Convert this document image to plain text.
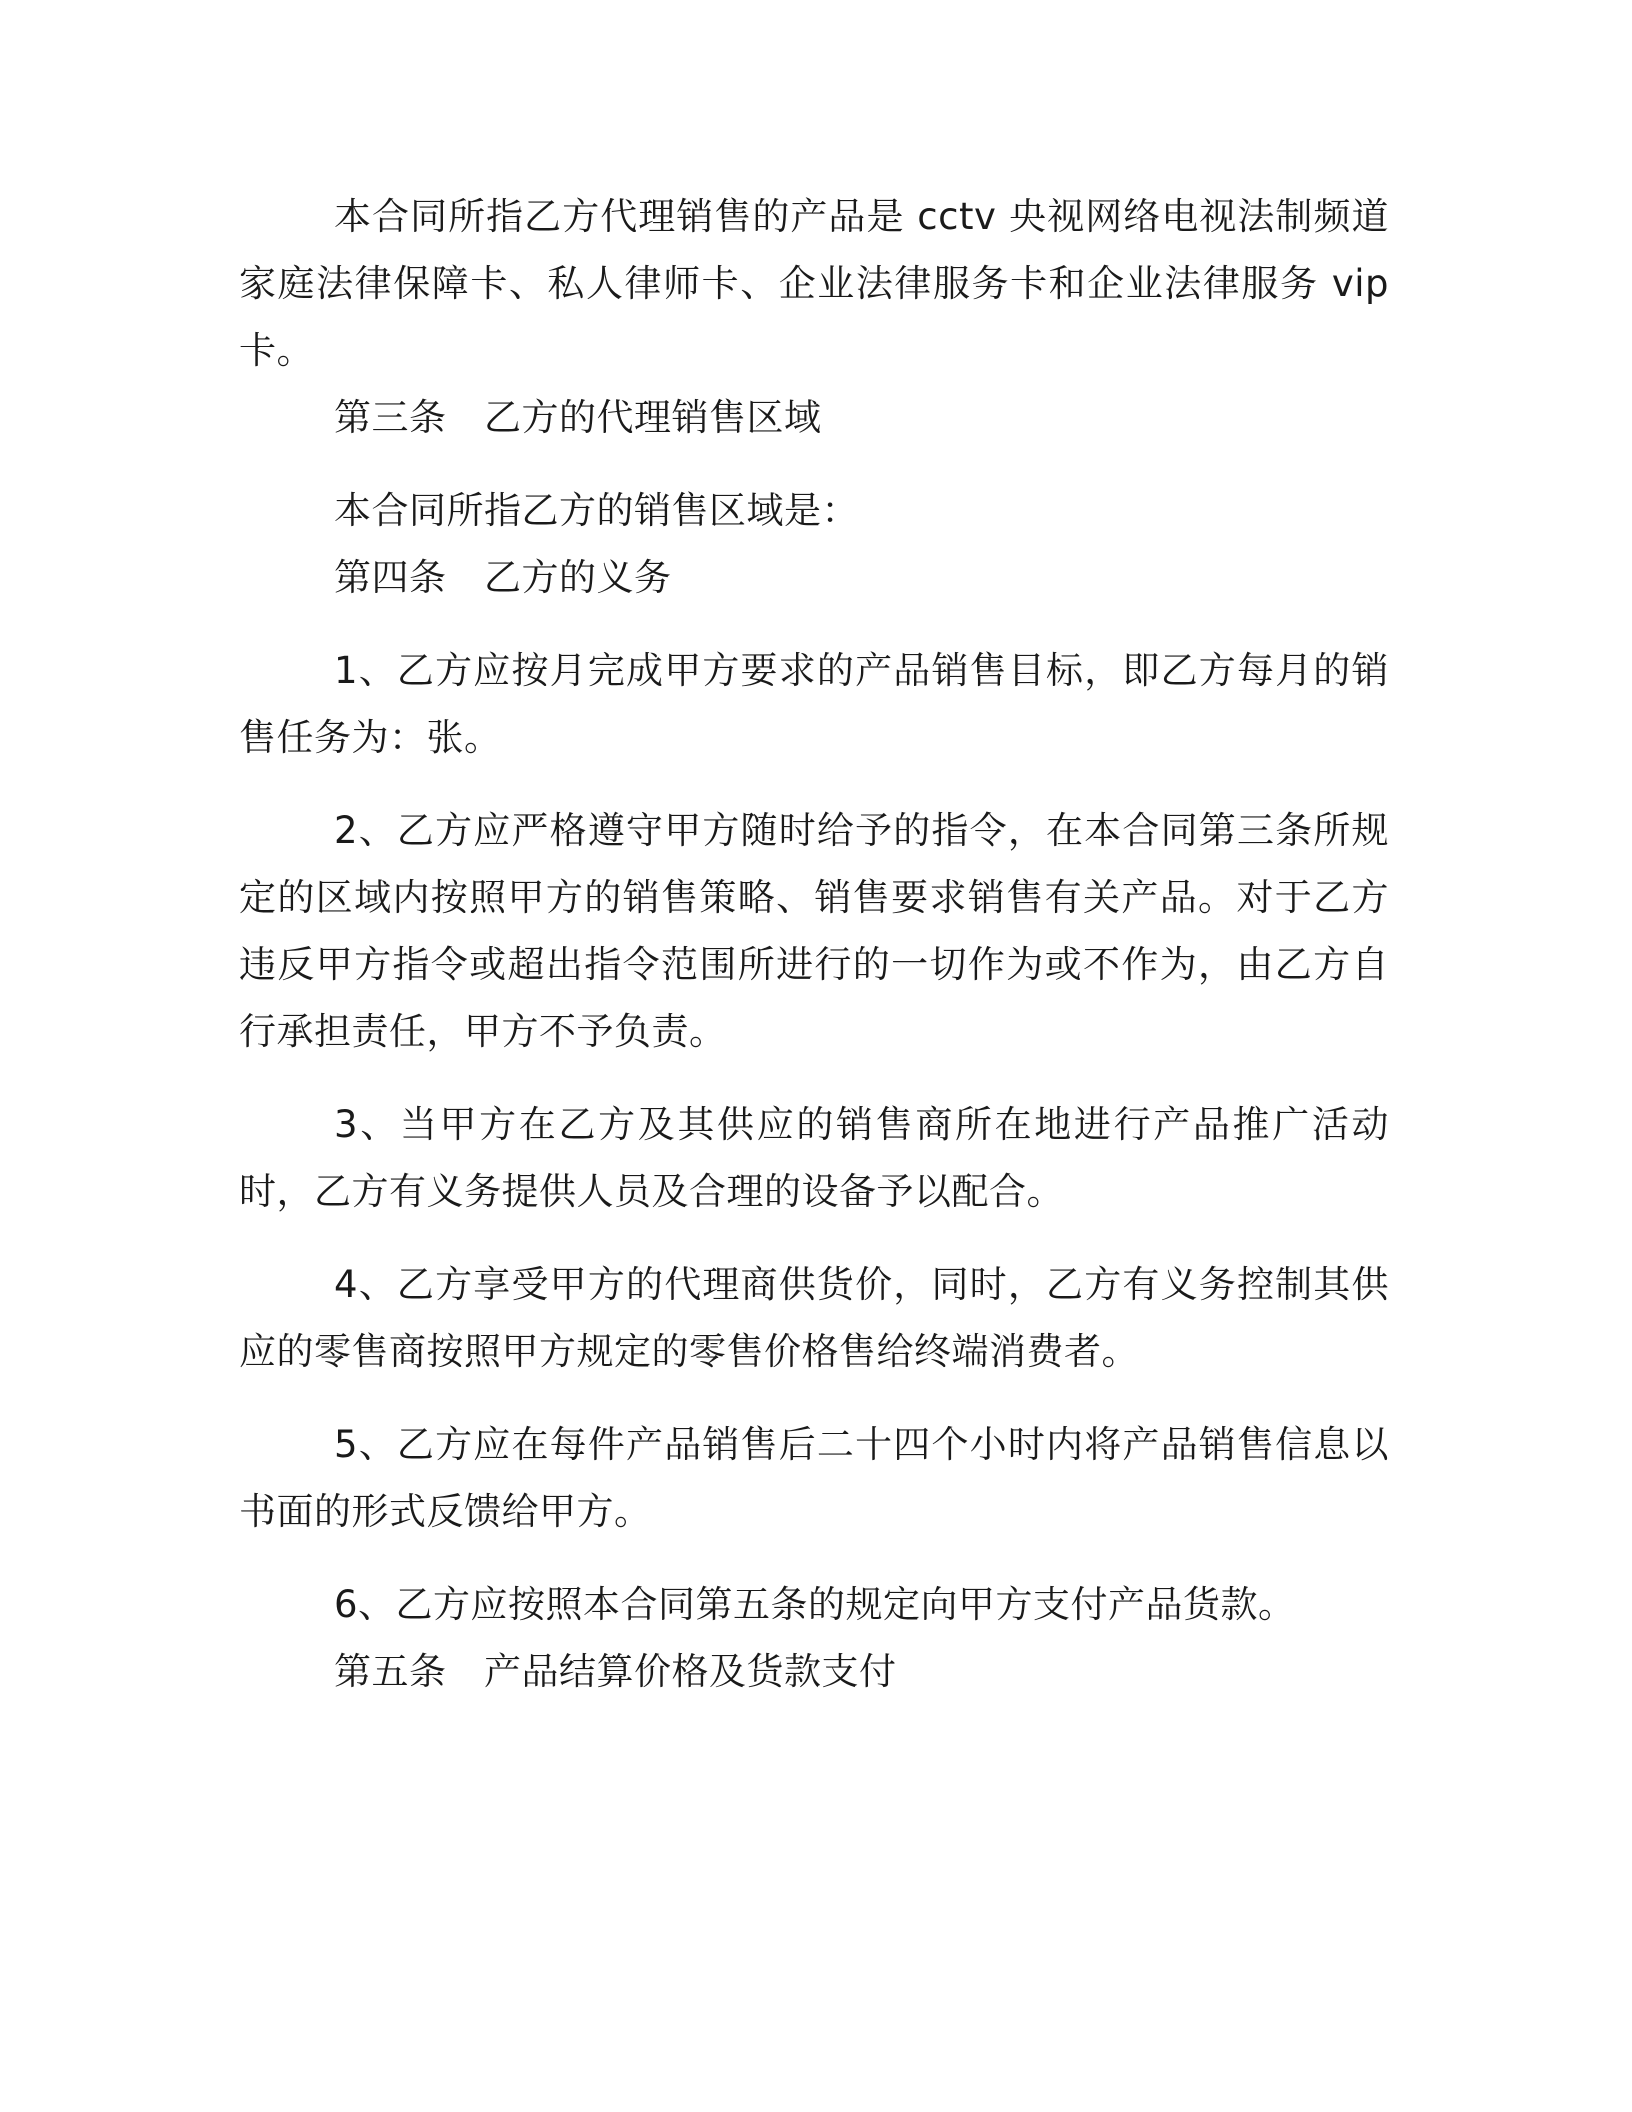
本合同所指乙方代理销售的产品是 cctv 央视网络电视法制频道家庭法律保障卡、私人律师卡、企业法律服务卡和企业法律服务 vip 卡。

第三条　乙方的代理销售区域

本合同所指乙方的销售区域是：

第四条　乙方的义务

1、乙方应按月完成甲方要求的产品销售目标，即乙方每月的销售任务为：张。

2、乙方应严格遵守甲方随时给予的指令，在本合同第三条所规定的区域内按照甲方的销售策略、销售要求销售有关产品。对于乙方违反甲方指令或超出指令范围所进行的一切作为或不作为，由乙方自行承担责任，甲方不予负责。

3、当甲方在乙方及其供应的销售商所在地进行产品推广活动时，乙方有义务提供人员及合理的设备予以配合。

4、乙方享受甲方的代理商供货价，同时，乙方有义务控制其供应的零售商按照甲方规定的零售价格售给终端消费者。

5、乙方应在每件产品销售后二十四个小时内将产品销售信息以书面的形式反馈给甲方。

6、乙方应按照本合同第五条的规定向甲方支付产品货款。

第五条　产品结算价格及货款支付
